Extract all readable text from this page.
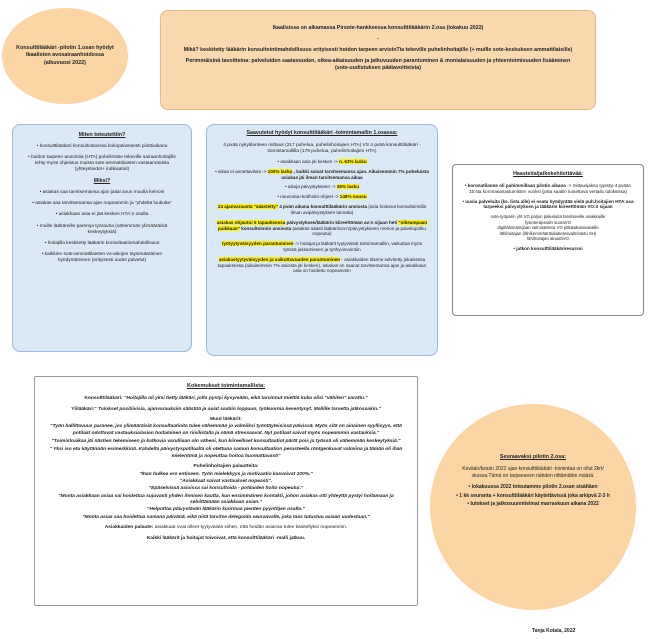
Konsulttilääkäri -pilotin 1.osan hyödyt Ikaalisten avosairaanhoidossa (alkuvuosi 2022)

Ikaalisissa on alkamassa Pirsote-hankkeessa konsulttilääkärin 2.osa (lokakuu 2022)

-

Mikä? keskitetty lääkärin konsultointimahdollisuus erityisesti hoidon tarpeen arvioinTia tekeville puhelinhoitajille (+ muille sote-keskuksen ammattilaisille)

Perimmäisinä tavoitteina: palveluiden saatavuuden, oikea-aikaisuuden ja jatkuvuuden parantuminen & monialaisuuden ja yhteentoimivuuden lisääminen (sote-uudistuksen päätavoitteista)

Miten toteutettiin?
• konsulttilääkäri konsultoitavissa kokopäiväisesti pilottiaikana
• hoidon tarpeen arviointia (HTA) puhelimitse tekeville sairaanhoitajille tehty myös ohjeistus muista sote-ammattilaisten vastaanotoista (yhteystiedot+ indikaatiot)
Miksi?
• asiakas saa tarvitsemansa ajan jaitai avun muulla keinoin
• asiakas saa tarvitsemansa ajan nopeammin ja "yhdeltä luukulta"
• asiakkaan asia ei jää kesken HTA:n osalta
• muille lääkäreille parempi työrauha (vähemmän ylimääräisiä keskeytyksiä)
• hoitajilla keskitetty lääkärin konsultaatiomahdollisuus
• kaikkien sote-ammattilaisten vo-aikojen täysimääräinen hyödyntäminen (erityisesti uudet palvelut)
Saavutetut hyödyt konsulttilääkäri -toimintamallin 1.osassa:

4 pvää nykytilanteen mittaus (217 puhelua, puhelinhoitajien HTA) VS 4 pvää konsulttilääkäri -toimintamallilla (179 puhelua, puhelinhoitajien HTA)

• asiakkaan asia jäi kesken -> n. 63% lasku

• aikaa ei annettavissa -> 100% lasku , kaikki saivat tarvitsemansa ajan. Aikaisemmin 7% puheluista asiakas jäi ilman tarvitsemansa aikaa

• aikoja päivystykseen -> 35% lasku

• neuvonta+kotihoito-ohjeet -> 148% nousu

24 ajanvarausta "säästetty" 4 pvän aikana konsulttilääkärin ansiosta (asia hoitunut konsultoinnilla ilman avipäivystyksen tarvetta)

asiakas ohjautui 5 tapauksessa päivystyksen/lääkärin kiireettömän av:n sijaan heti "oikeampaan paikkaan" konsultoinnin ansiosta (asiakas säästi lääkärinvo:n/päivystykseen menon ja palvelupolku nopeutui)

työtyytyväisyyden parantuminen -> hoitajat ja lääkärit tyytyväisiä toimintamalliin, vaikuttaa myös työssä jaksamiseen ja työhyvinvointiin

asiakastyytyväisyyden ja vaikuttavuuden parantuminen - asiakkaiden tilanne selvitetty jokaisessa tapauksessa (aikaisemmin 7% asioista jäi kesken), asiakas on saanut tarvitsemansa ajan ja asiakkaan asia on hoidettu nopeammin

Haasteita/jatkokehitettävää:

• koronatilanne oli pahimmillaan pilotin aikana -> mittausjakso typistyi 4 pvään 15:sta koronasairastumisten vuoksi (jotta saatiin luotettava vertailu tuloksissa)

• uusia palveluita (ks. lista alle) ei osata hyödyntää vielä puh.hoitajien HTA:ssa tarpeeksi päivystyksen ja lääkärin kiireettömän VO:n sijaan

sote-työparin yht.VO paljon palveluita tarvitseville asiakkaille
fysioterapeutin suoraVO
digi/lähimäin/jaan valmisteleva VO pitkäaikaissairaille
lähihoitajan (lähikemmäärä/diabetesvalmistetu SH)
lähihoitajan akuuttiVO

• jatkon konsulttilääkäriresurssi

Kokemukset toimintamallista:

Konsulttilääkäri: "Hoitajilla oli yksi tietty lääkäri, jolta pystyi kysymään, eikä tarvinnut miettiä kuka olisi "vähiten" varattu."

Ylilääkäri:" Tulokset positiivisia, ajanvarauksiin säästöä ja asiat saatiin loppuun, työkuorma keventynyt. Mallille tarvetta jatkossakin."

Muut lääkärit:

"Työn hallittavuus paranee, jos ylimääräisiä konsultaatioita tulee vähemmän jo valmiiksi työntäyteisissä päivissä. Myös sitä on ainainen syyllisyys, että potilaat odottavat vastauksia/asian hoitaminen on riisilistalla ja nämä stressaavat. Nyt potilaat saivat myös nopeammin vastauksia."

"Toimistoaikaa jäi nästien tekemiseen ja katkovia varulliaan olo väheni, kun kiireelliset konsultaatiot pärät pois ja työssä oli vähemmän keskeytyksiä."

" Yksi iso etu käytännön esimerkkinä. Kahdelta päivystyspotilaalta oli otettuna samun konsultaation perusteella röntgenkuvat valmiina ja tämän oli ihan mielentönä ja nopeuttaa hoitoa huomattavasti"

Puhelinhoitajien palautteita:

"Ihan hulkea ero entiseen. Työn mielekkyys ja motivaatio kasvoivat 100%."

"Asiakkaat saivat vastaukset nopeasti".

"Epäselvissä asioissa sai konsultoida - potilaiden hoito nopeutui."

"Monta asiakkaan asiaa sai hoidettua sujuvasti yhden ihmisen kautta, kun ensimmäinen kontakti, johon asiakas otti yhteyttä pystyi hoitamaan ja selvittämään asiakkaan asian."

"Helpottaa päivystävän lääkärin kuormaa pienten pyyntöjen osalta."

"Monta asiaa saa hoidettua samana päivänä, eikä niitä tarvitse delegoida seuraavalle, joka taas tutustuu asiaan uudestaan."

Asiakkaiden palaute: asiakkaat ovat olleet tyytyväisiä siihen, että heidän asiansa tulee käsitellyksi nopeammin.

Kaikki lääkärit ja hoitajat toivoivat, että konsulttilääkäri -malli jatkuu.

Seuraavaksi pilotin 2.osa:

Kevään/kesän 2022 ajan konsulttilääkäri -toimintaa on ollut 2krt/ vkossa.Tämä on tarpeeseen nähden riittämätön määrä.

• lokakuussa 2022 toteutamme pilotin 2.osan sisältäen

• 1 kk seuranta + konsulttilääkäri käytettävissä joka arkipvä 2-3 h

• tulokset ja jatkosuunnitelmat marraskuun aikana 2022

Tanja Kotala, 2022
